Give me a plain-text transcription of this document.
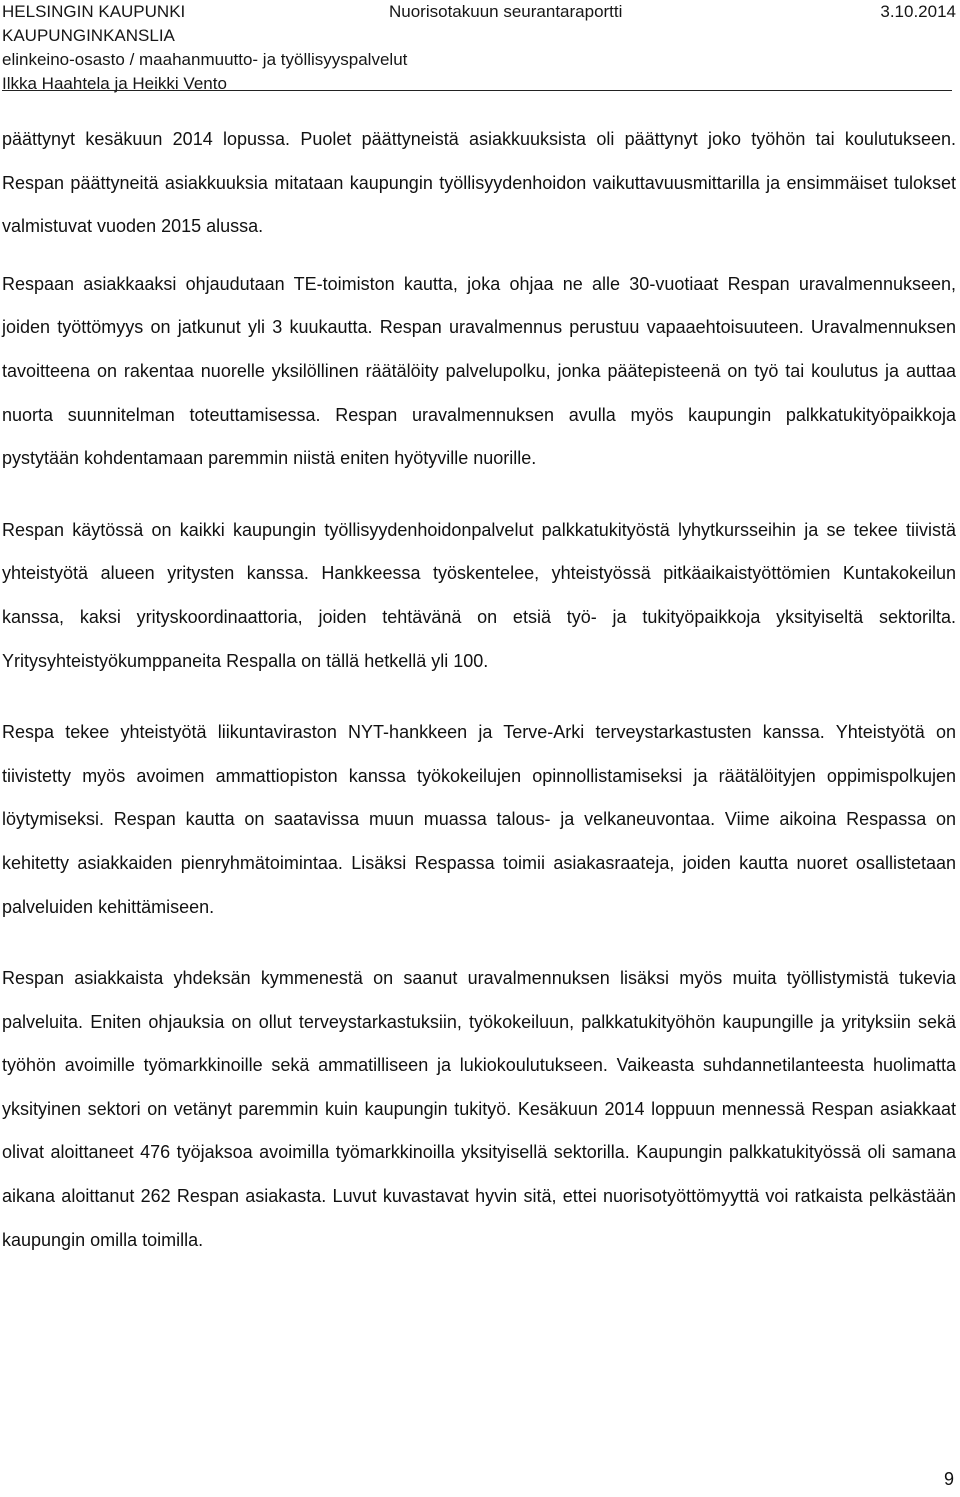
HELSINGIN KAUPUNKI	Nuorisotakuun seurantaraportti	3.10.2014
KAUPUNGINKANSLIA
elinkeino-osasto / maahanmuutto- ja työllisyyspalvelut
Ilkka Haahtela ja Heikki Vento

päättynyt kesäkuun 2014 lopussa. Puolet päättyneistä asiakkuuksista oli päättynyt joko työhön tai koulutukseen. Respan päättyneitä asiakkuuksia mitataan kaupungin työllisyydenhoidon vaikuttavuusmittarilla ja ensimmäiset tulokset valmistuvat vuoden 2015 alussa.

Respaan asiakkaaksi ohjaudutaan TE-toimiston kautta, joka ohjaa ne alle 30-vuotiaat Respan uravalmennukseen, joiden työttömyys on jatkunut yli 3 kuukautta. Respan uravalmennus perustuu vapaaehtoisuuteen. Uravalmennuksen tavoitteena on rakentaa nuorelle yksilöllinen räätälöity palvelupolku, jonka päätepisteenä on työ tai koulutus ja auttaa nuorta suunnitelman toteuttamisessa. Respan uravalmennuksen avulla myös kaupungin palkkatukityöpaikkoja pystytään kohdentamaan paremmin niistä eniten hyötyville nuorille.

Respan käytössä on kaikki kaupungin työllisyydenhoidonpalvelut palkkatukityöstä lyhytkursseihin ja se tekee tiivistä yhteistyötä alueen yritysten kanssa. Hankkeessa työskentelee, yhteistyössä pitkäaikaistyöttömien Kuntakokeilun kanssa, kaksi yrityskoordinaattoria, joiden tehtävänä on etsiä työ- ja tukityöpaikkoja yksityiseltä sektorilta. Yritysyhteistyökumppaneita Respalla on tällä hetkellä yli 100.

Respa tekee yhteistyötä liikuntaviraston NYT-hankkeen ja Terve-Arki terveystarkastusten kanssa. Yhteistyötä on tiivistetty myös avoimen ammattiopiston kanssa työkokeilujen opinnollistamiseksi ja räätälöityjen oppimispolkujen löytymiseksi. Respan kautta on saatavissa muun muassa talous- ja velkaneuvontaa. Viime aikoina Respassa on kehitetty asiakkaiden pienryhmätoimintaa. Lisäksi Respassa toimii asiakasraateja, joiden kautta nuoret osallistetaan palveluiden kehittämiseen.

Respan asiakkaista yhdeksän kymmenestä on saanut uravalmennuksen lisäksi myös muita työllistymistä tukevia palveluita. Eniten ohjauksia on ollut terveystarkastuksiin, työkokeiluun, palkkatukityöhön kaupungille ja yrityksiin sekä työhön avoimille työmarkkinoille sekä ammatilliseen ja lukiokoulutukseen. Vaikeasta suhdannetilanteesta huolimatta yksityinen sektori on vetänyt paremmin kuin kaupungin tukityö. Kesäkuun 2014 loppuun mennessä Respan asiakkaat olivat aloittaneet 476 työjaksoa avoimilla työmarkkinoilla yksityisellä sektorilla. Kaupungin palkkatukityössä oli samana aikana aloittanut 262 Respan asiakasta. Luvut kuvastavat hyvin sitä, ettei nuorisotyöttömyyttä voi ratkaista pelkästään kaupungin omilla toimilla.

9
